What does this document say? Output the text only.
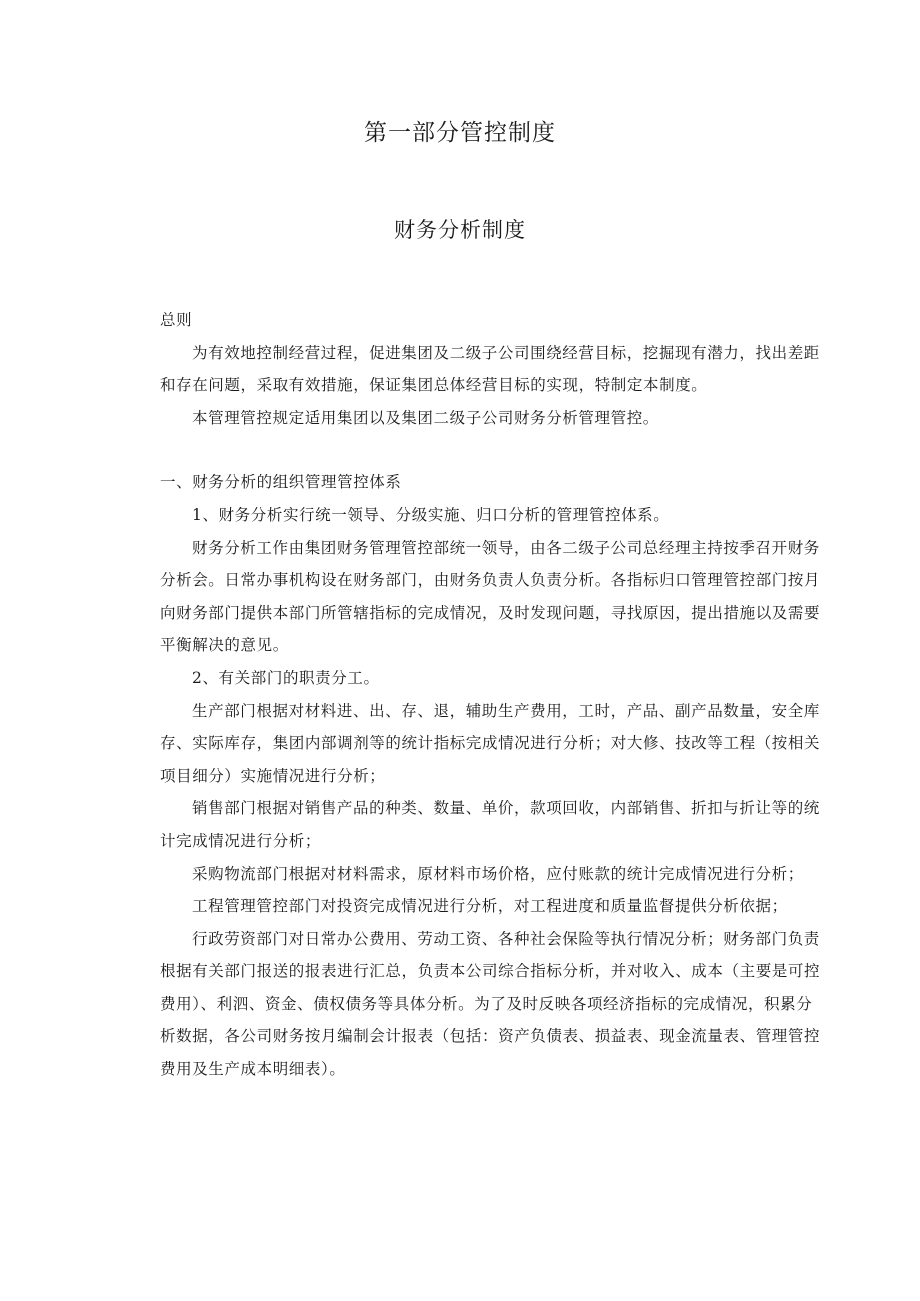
第一部分管控制度
财务分析制度

总则

为有效地控制经营过程，促进集团及二级子公司围绕经营目标，挖掘现有潜力，找出差距和存在问题，采取有效措施，保证集团总体经营目标的实现，特制定本制度。

本管理管控规定适用集团以及集团二级子公司财务分析管理管控。

一、财务分析的组织管理管控体系

1、财务分析实行统一领导、分级实施、归口分析的管理管控体系。

财务分析工作由集团财务管理管控部统一领导，由各二级子公司总经理主持按季召开财务分析会。日常办事机构设在财务部门，由财务负责人负责分析。各指标归口管理管控部门按月向财务部门提供本部门所管辖指标的完成情况，及时发现问题，寻找原因，提出措施以及需要平衡解决的意见。

2、有关部门的职责分工。

生产部门根据对材料进、出、存、退，辅助生产费用，工时，产品、副产品数量，安全库存、实际库存，集团内部调剂等的统计指标完成情况进行分析；对大修、技改等工程（按相关项目细分）实施情况进行分析；

销售部门根据对销售产品的种类、数量、单价，款项回收，内部销售、折扣与折让等的统计完成情况进行分析；

采购物流部门根据对材料需求，原材料市场价格，应付账款的统计完成情况进行分析；

工程管理管控部门对投资完成情况进行分析，对工程进度和质量监督提供分析依据；

行政劳资部门对日常办公费用、劳动工资、各种社会保险等执行情况分析；财务部门负责根据有关部门报送的报表进行汇总，负责本公司综合指标分析，并对收入、成本（主要是可控费用）、利泗、资金、债权债务等具体分析。为了及时反映各项经济指标的完成情况，积累分析数据，各公司财务按月编制会计报表（包括：资产负债表、损益表、现金流量表、管理管控费用及生产成本明细表）。
